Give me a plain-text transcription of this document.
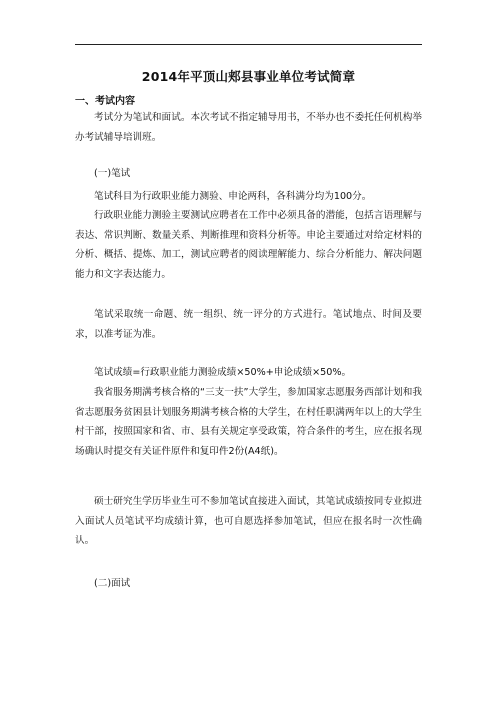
2014年平顶山郏县事业单位考试简章
一、考试内容
考试分为笔试和面试。本次考试不指定辅导用书，不举办也不委托任何机构举办考试辅导培训班。
(一)笔试
笔试科目为行政职业能力测验、申论两科，各科满分均为100分。
行政职业能力测验主要测试应聘者在工作中必须具备的潜能，包括言语理解与表达、常识判断、数量关系、判断推理和资料分析等。申论主要通过对给定材料的分析、概括、提炼、加工，测试应聘者的阅读理解能力、综合分析能力、解决问题能力和文字表达能力。
笔试采取统一命题、统一组织、统一评分的方式进行。笔试地点、时间及要求，以准考证为准。
笔试成绩=行政职业能力测验成绩×50%+申论成绩×50%。
我省服务期满考核合格的“三支一扶”大学生，参加国家志愿服务西部计划和我省志愿服务贫困县计划服务期满考核合格的大学生，在村任职满两年以上的大学生村干部，按照国家和省、市、县有关规定享受政策，符合条件的考生，应在报名现场确认时提交有关证件原件和复印件2份(A4纸)。
硕士研究生学历毕业生可不参加笔试直接进入面试，其笔试成绩按同专业拟进入面试人员笔试平均成绩计算，也可自愿选择参加笔试，但应在报名时一次性确认。
(二)面试
